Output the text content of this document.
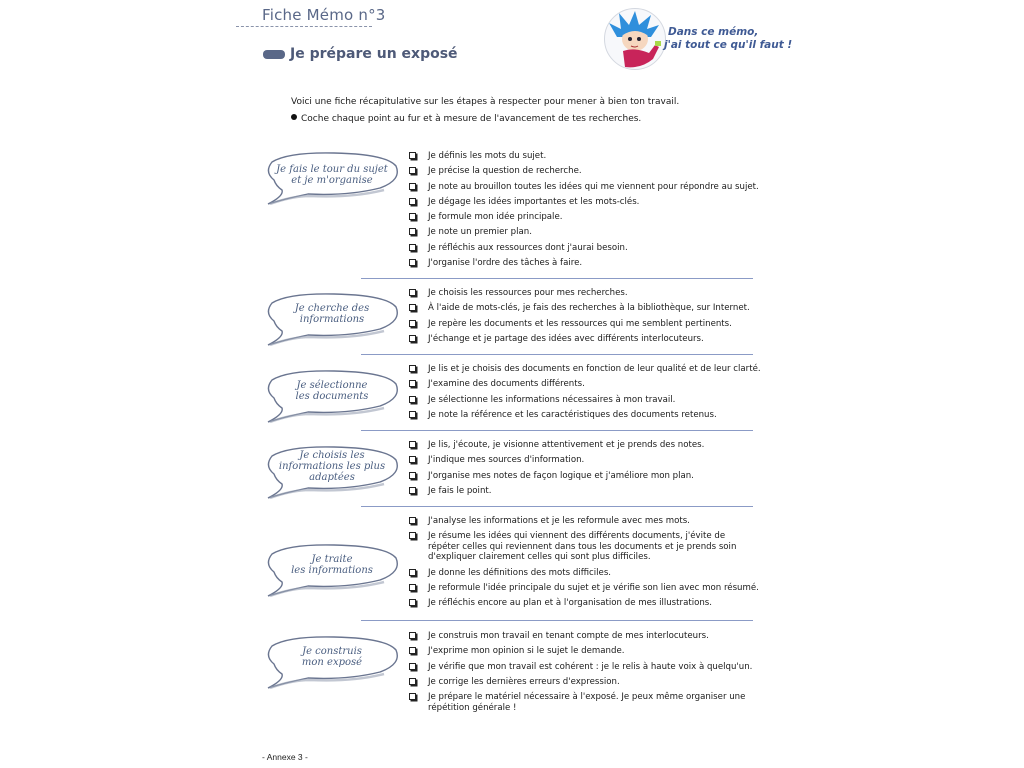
Fiche Mémo n°3
Je prépare un exposé
Dans ce mémo,
j'ai tout ce qu'il faut !
Voici une fiche récapitulative sur les étapes à respecter pour mener à bien ton travail.
Coche chaque point au fur et à mesure de l'avancement de tes recherches.
Je fais le tour du sujet
et je m'organise
Je définis les mots du sujet.
Je précise la question de recherche.
Je note au brouillon toutes les idées qui me viennent pour répondre au sujet.
Je dégage les idées importantes et les mots-clés.
Je formule mon idée principale.
Je note un premier plan.
Je réfléchis aux ressources dont j'aurai besoin.
J'organise l'ordre des tâches à faire.
Je cherche des
informations
Je choisis les ressources pour mes recherches.
À l'aide de mots-clés, je fais des recherches à la bibliothèque, sur Internet.
Je repère les documents et les ressources qui me semblent pertinents.
J'échange et je partage des idées avec différents interlocuteurs.
Je sélectionne
les documents
Je lis et je choisis des documents en fonction de leur qualité et de leur clarté.
J'examine des documents différents.
Je sélectionne les informations nécessaires à mon travail.
Je note la référence et les caractéristiques des documents retenus.
Je choisis les
informations les plus
adaptées
Je lis, j'écoute, je visionne attentivement et je prends des notes.
J'indique mes sources d'information.
J'organise mes notes de façon logique et j'améliore mon plan.
Je fais le point.
Je traite
les informations
J'analyse les informations et je les reformule avec mes mots.
Je résume les idées qui viennent des différents documents, j'évite de répéter celles qui reviennent dans tous les documents et je prends soin d'expliquer clairement celles qui sont plus difficiles.
Je donne les définitions des mots difficiles.
Je reformule l'idée principale du sujet et je vérifie son lien avec mon résumé.
Je réfléchis encore au plan et à l'organisation de mes illustrations.
Je construis
mon exposé
Je construis mon travail en tenant compte de mes interlocuteurs.
J'exprime mon opinion si le sujet le demande.
Je vérifie que mon travail est cohérent : je le relis à haute voix à quelqu'un.
Je corrige les dernières erreurs d'expression.
Je prépare le matériel nécessaire à l'exposé. Je peux même organiser une répétition générale !
- Annexe 3 -
